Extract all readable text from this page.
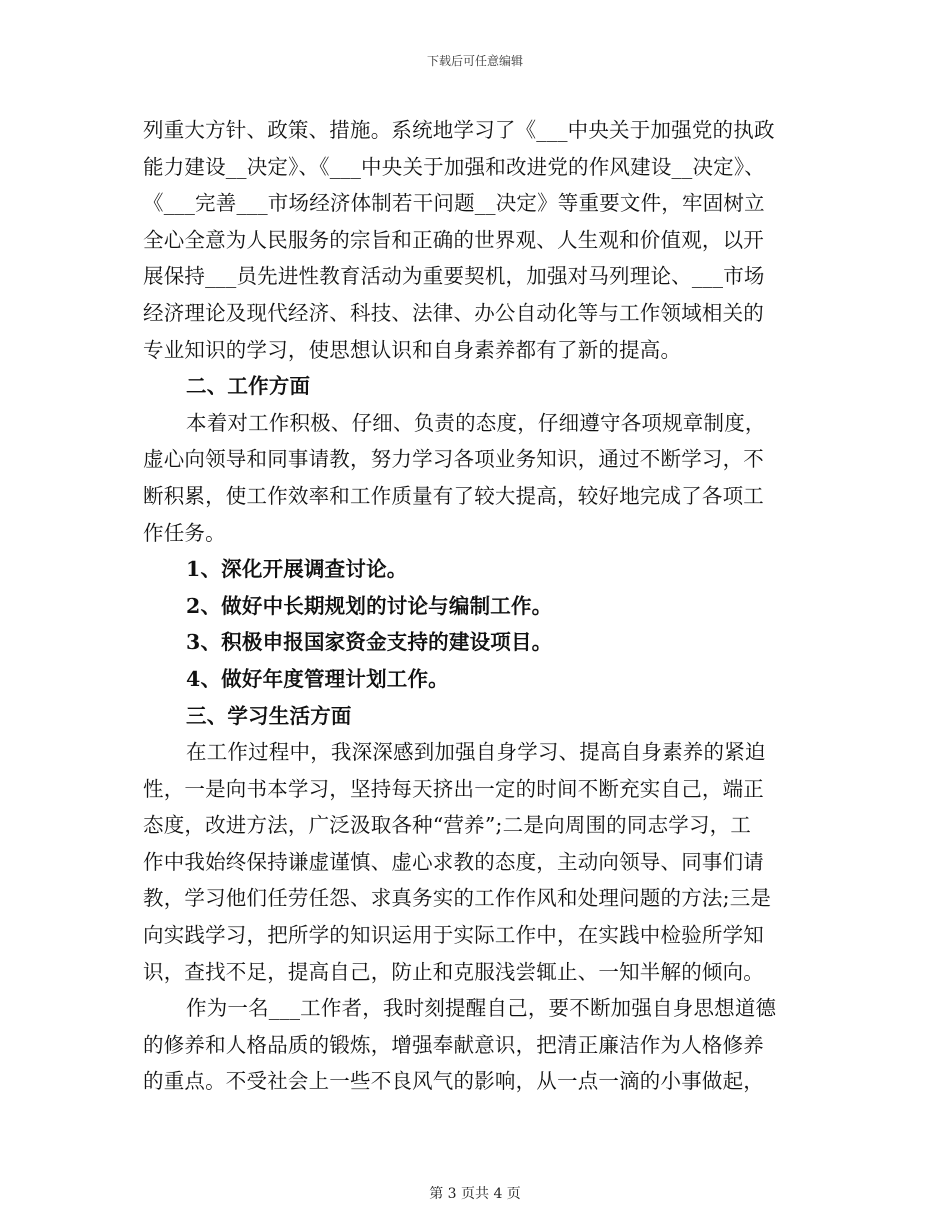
下载后可任意编辑
列重大方针、政策、措施。系统地学习了《___中央关于加强党的执政
能力建设__决定》、《___中央关于加强和改进党的作风建设__决定》、
《___完善___市场经济体制若干问题__决定》等重要文件，牢固树立
全心全意为人民服务的宗旨和正确的世界观、人生观和价值观，以开
展保持___员先进性教育活动为重要契机，加强对马列理论、___市场
经济理论及现代经济、科技、法律、办公自动化等与工作领域相关的
专业知识的学习，使思想认识和自身素养都有了新的提高。
二、工作方面
本着对工作积极、仔细、负责的态度，仔细遵守各项规章制度，
虚心向领导和同事请教，努力学习各项业务知识，通过不断学习，不
断积累，使工作效率和工作质量有了较大提高，较好地完成了各项工
作任务。
1、深化开展调查讨论。
2、做好中长期规划的讨论与编制工作。
3、积极申报国家资金支持的建设项目。
4、做好年度管理计划工作。
三、学习生活方面
在工作过程中，我深深感到加强自身学习、提高自身素养的紧迫
性，一是向书本学习，坚持每天挤出一定的时间不断充实自己，端正
态度，改进方法，广泛汲取各种“营养”;二是向周围的同志学习，工
作中我始终保持谦虚谨慎、虚心求教的态度，主动向领导、同事们请
教，学习他们任劳任怨、求真务实的工作作风和处理问题的方法;三是
向实践学习，把所学的知识运用于实际工作中，在实践中检验所学知
识，查找不足，提高自己，防止和克服浅尝辄止、一知半解的倾向。
作为一名___工作者，我时刻提醒自己，要不断加强自身思想道德
的修养和人格品质的锻炼，增强奉献意识，把清正廉洁作为人格修养
的重点。不受社会上一些不良风气的影响，从一点一滴的小事做起，
第 3 页共 4 页
